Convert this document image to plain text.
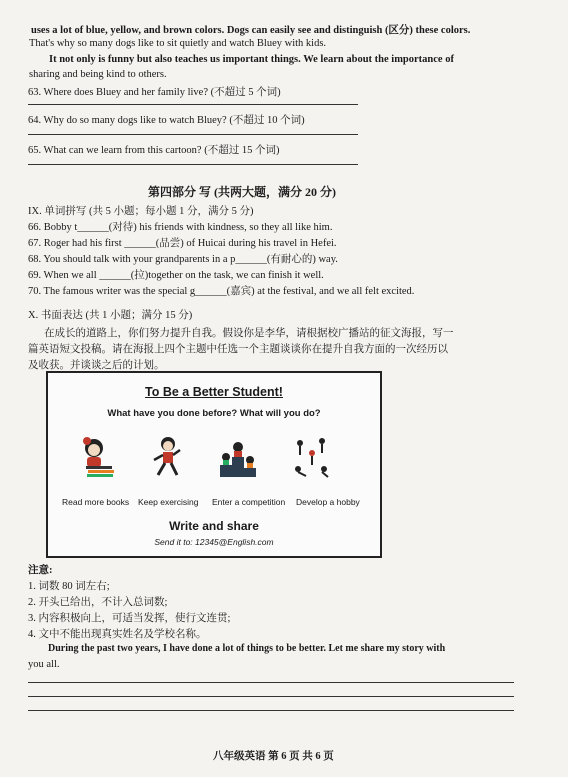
uses a lot of blue, yellow, and brown colors. Dogs can easily see and distinguish (区分) these colors.
That's why so many dogs like to sit quietly and watch Bluey with kids.
It not only is funny but also teaches us important things. We learn about the importance of
sharing and being kind to others.
63. Where does Bluey and her family live? (不超过 5 个词)
64. Why do so many dogs like to watch Bluey? (不超过 10 个词)
65. What can we learn from this cartoon? (不超过 15 个词)
第四部分 写 (共两大题，满分 20 分)
IX. 单词拼写 (共 5 小题；每小题 1 分，满分 5 分)
66. Bobby t______(对待) his friends with kindness, so they all like him.
67. Roger had his first ______(品尝) of Huicai during his travel in Hefei.
68. You should talk with your grandparents in a p______(有耐心的) way.
69. When we all ______(拉)together on the task, we can finish it well.
70. The famous writer was the special g______(嘉宾) at the festival, and we all felt excited.
X. 书面表达 (共 1 小题；满分 15 分)
在成长的道路上，你们努力提升自我。假设你是李华，请根据校广播站的征文海报，写一
篇英语短文投稿。请在海报上四个主题中任选一个主题谈谈你在提升自我方面的一次经历以
及收获。并谈谈之后的计划。
To Be a Better Student!
What have you done before? What will you do?
Read more books Keep exercising Enter a competition Develop a hobby
Write and share
Send it to: 12345@English.com
注意:
1. 词数 80 词左右;
2. 开头已给出，不计入总词数;
3. 内容积极向上，可适当发挥，使行文连贯;
4. 文中不能出现真实姓名及学校名称。
During the past two years, I have done a lot of things to be better. Let me share my story with
you all.
八年级英语 第 6 页 共 6 页
